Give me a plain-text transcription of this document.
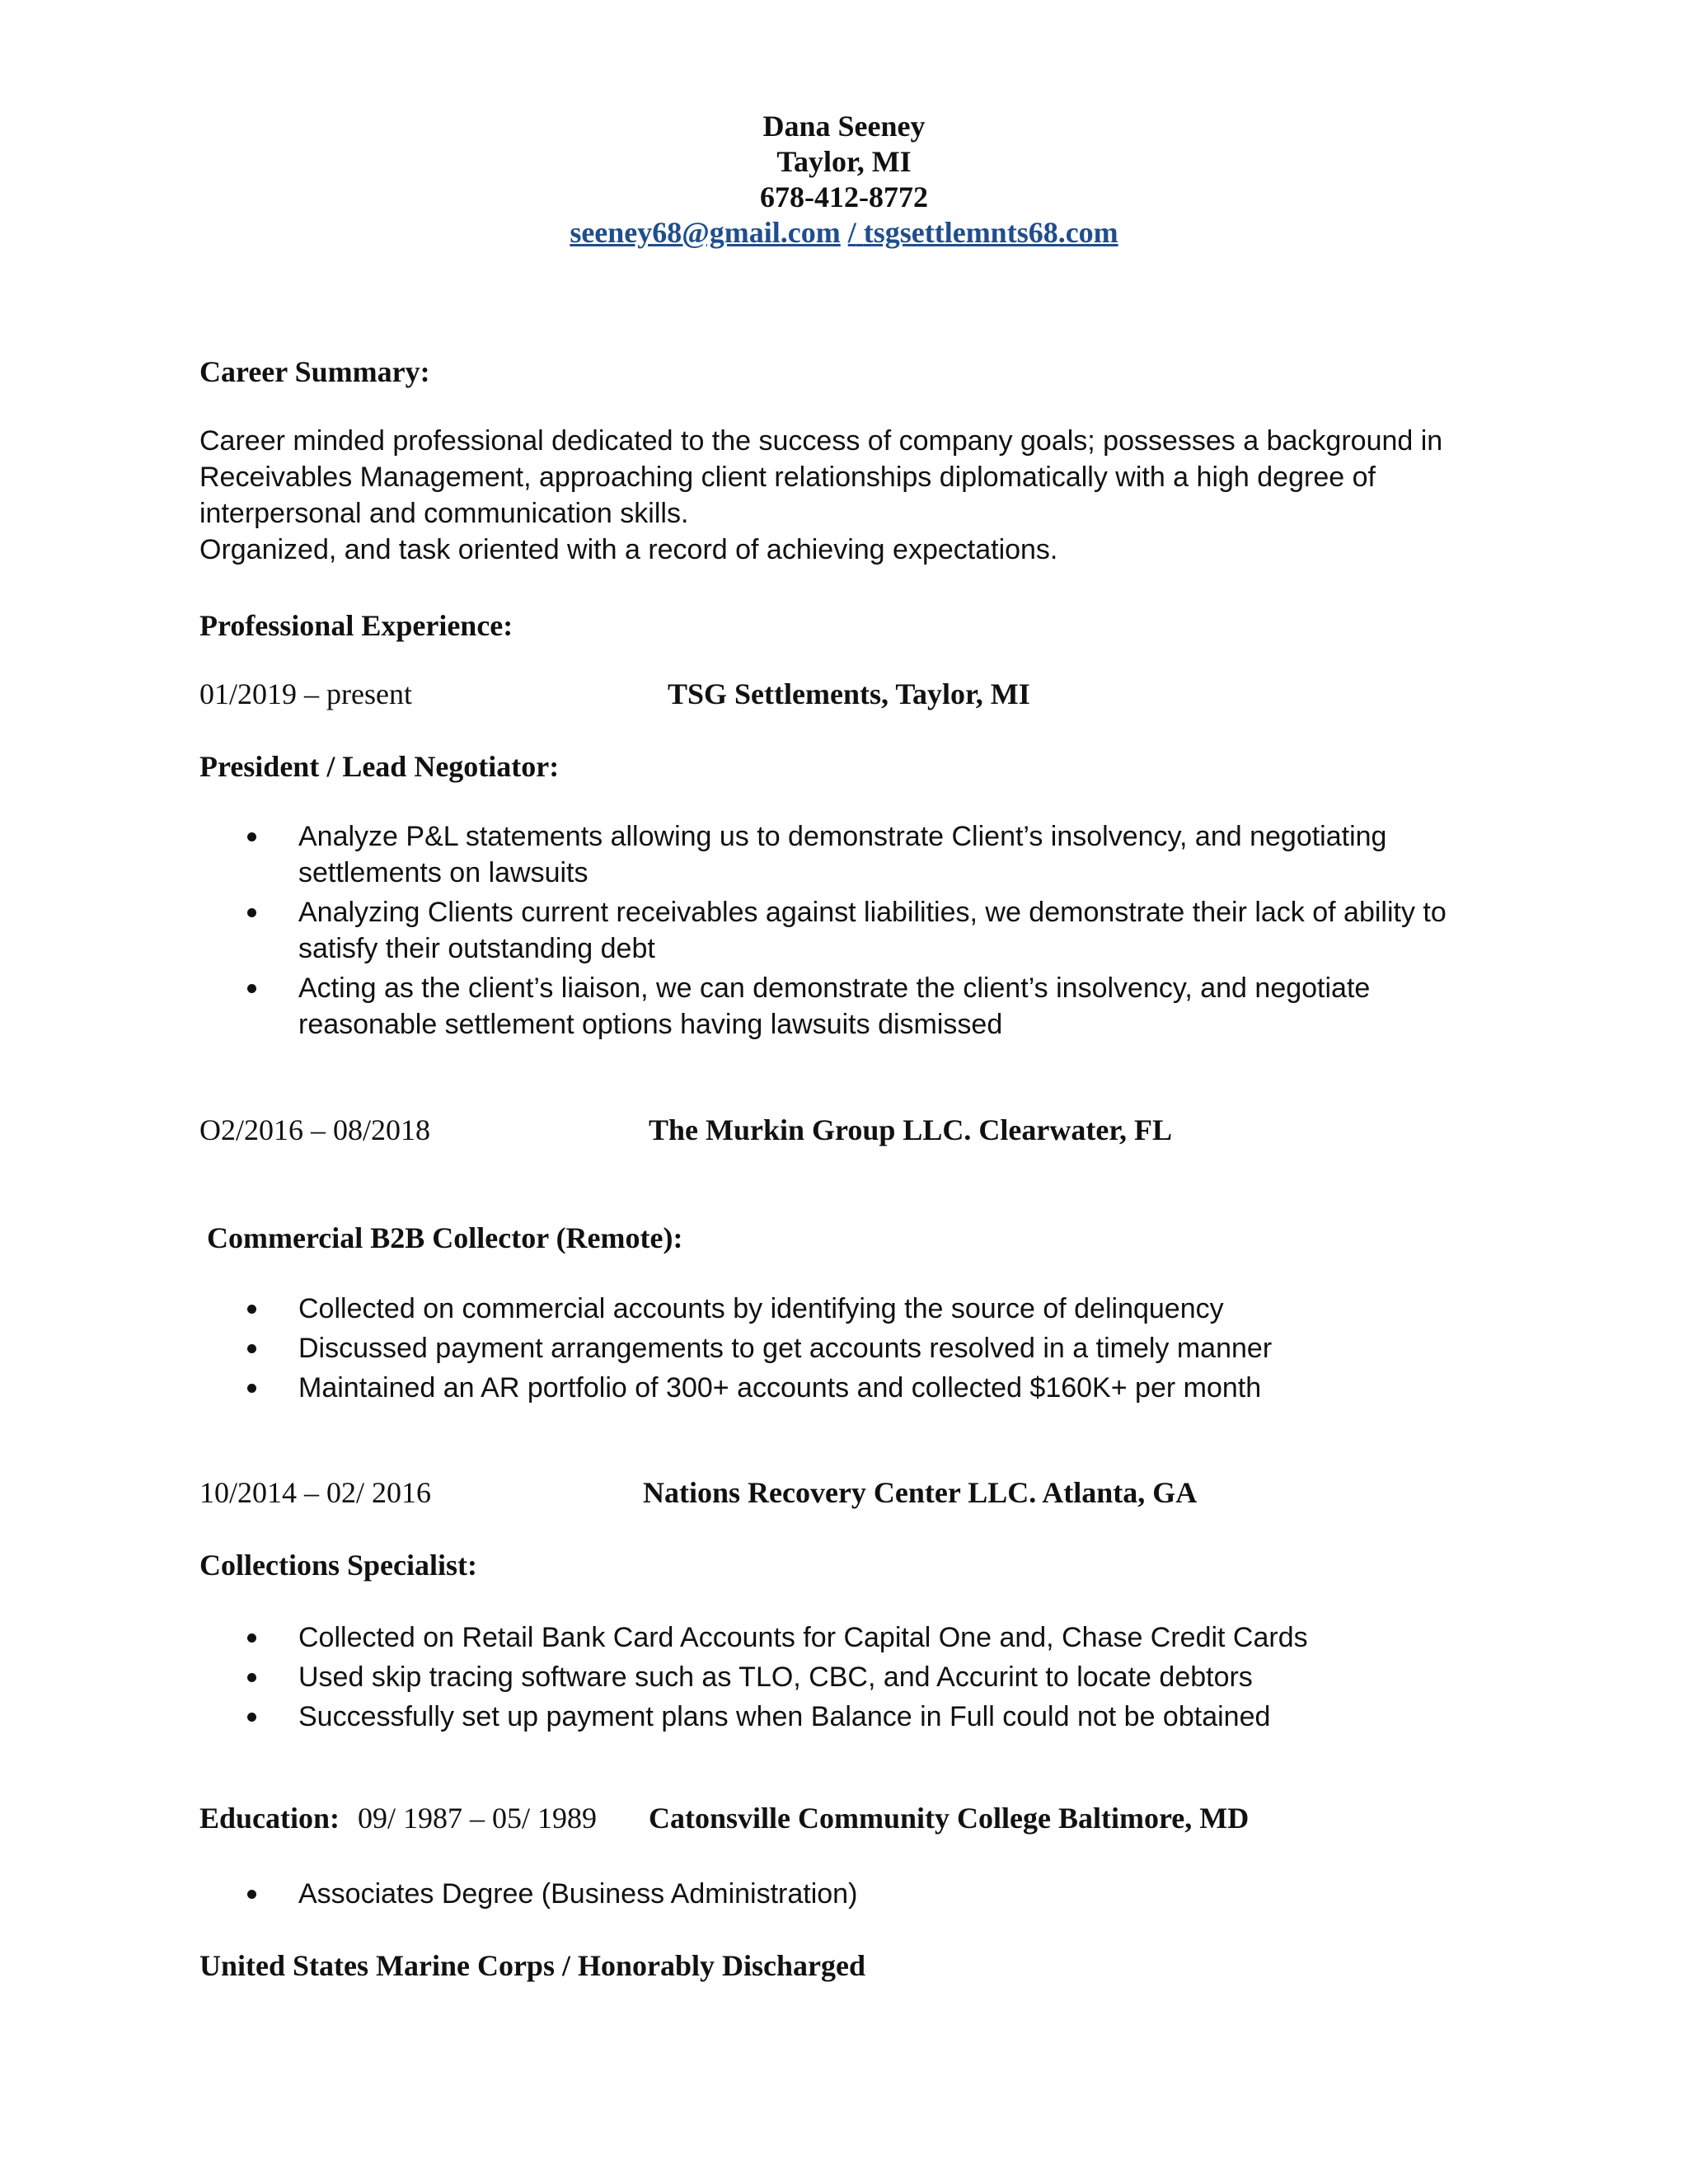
Dana Seeney
Taylor, MI
678-412-8772
seeney68@gmail.com / tsgsettlemnts68.com
Career Summary:
Career minded professional dedicated to the success of company goals; possesses a background in
Receivables Management, approaching client relationships diplomatically with a high degree of
interpersonal and communication skills.
Organized, and task oriented with a record of achieving expectations.
Professional Experience:
01/2019 – present	TSG Settlements, Taylor, MI
President / Lead Negotiator:
Analyze P&L statements allowing us to demonstrate Client’s insolvency, and negotiating
settlements on lawsuits
Analyzing Clients current receivables against liabilities, we demonstrate their lack of ability to
satisfy their outstanding debt
Acting as the client’s liaison, we can demonstrate the client’s insolvency, and negotiate
reasonable settlement options having lawsuits dismissed
O2/2016 – 08/2018	The Murkin Group LLC. Clearwater, FL
Commercial B2B Collector (Remote):
Collected on commercial accounts by identifying the source of delinquency
Discussed payment arrangements to get accounts resolved in a timely manner
Maintained an AR portfolio of 300+ accounts and collected $160K+ per month
10/2014 – 02/ 2016	Nations Recovery Center LLC. Atlanta, GA
Collections Specialist:
Collected on Retail Bank Card Accounts for Capital One and, Chase Credit Cards
Used skip tracing software such as TLO, CBC, and Accurint to locate debtors
Successfully set up payment plans when Balance in Full could not be obtained
Education: 09/ 1987 – 05/ 1989 Catonsville Community College Baltimore, MD
Associates Degree (Business Administration)
United States Marine Corps / Honorably Discharged
